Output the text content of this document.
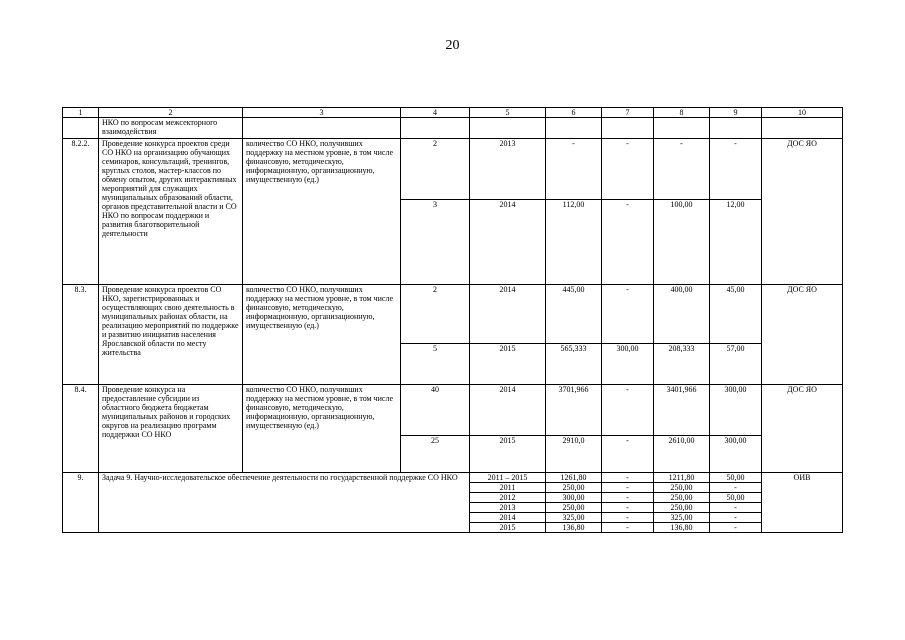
20
1	2	3	4	5	6	7	8	9	10
	НКО по вопросам межсекторного взаимодействия								
8.2.2.	Проведение конкурса проектов среди СО НКО на организацию обучающих семинаров, консультаций, тренингов, круглых столов, мастер-классов по обмену опытом, других интерактивных мероприятий для служащих муниципальных образований области, органов представительной власти и СО НКО по вопросам поддержки и развития благотворительной деятельности	количество СО НКО, получивших поддержку на местном уровне, в том числе финансовую, методическую, информационную, организационную, имущественную (ед.)	2	2013	-	-	-	-	ДОС ЯО
			3	2014	112,00	-	100,00	12,00	
8.3.	Проведение конкурса проектов СО НКО, зарегистрированных и осуществляющих свою деятельность в муниципальных районах области, на реализацию мероприятий по поддержке и развитию инициатив населения Ярославской области по месту жительства	количество СО НКО, получивших поддержку на местном уровне, в том числе финансовую, методическую, информационную, организационную, имущественную (ед.)	2	2014	445,00	-	400,00	45,00	ДОС ЯО
			5	2015	565,333	300,00	208,333	57,00	
8.4.	Проведение конкурса на предоставление субсидии из областного бюджета бюджетам муниципальных районов и городских округов на реализацию программ поддержки СО НКО	количество СО НКО, получивших поддержку на местном уровне, в том числе финансовую, методическую, информационную, организационную, имущественную (ед.)	40	2014	3701,966	-	3401,966	300,00	ДОС ЯО
			25	2015	2910,0	-	2610,00	300,00	
9.	Задача 9. Научно-исследовательское обеспечение деятельности по государственной поддержке СО НКО			2011 – 2015	1261,80	-	1211,80	50,00	ОИВ
				2011	250,00	-	250,00	-	
				2012	300,00	-	250,00	50,00	
				2013	250,00	-	250,00	-	
				2014	325,00	-	325,00	-	
				2015	136,80	-	136,80	-	
